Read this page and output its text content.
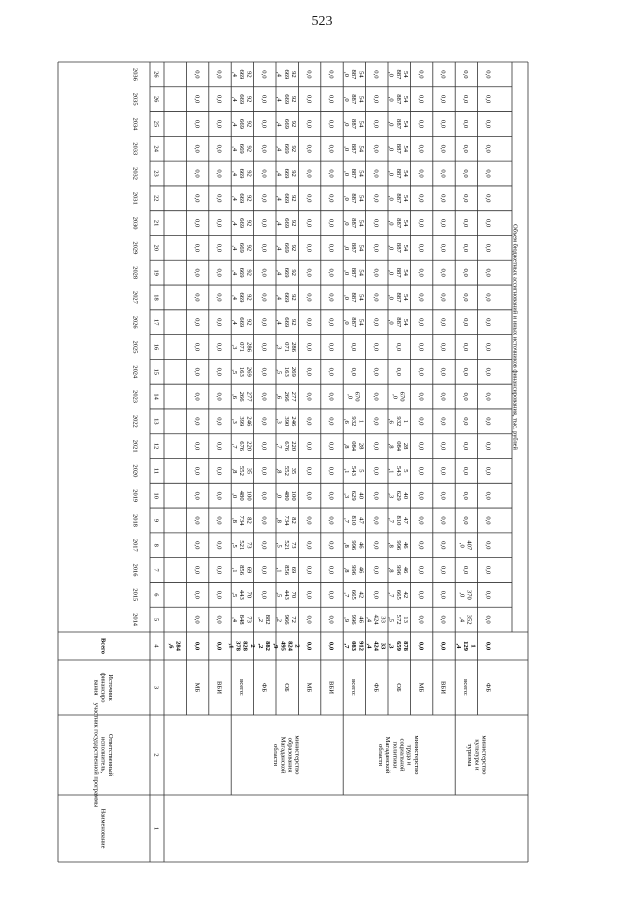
523
Наименование
Ответственный
исполнитель,
участник государственной программы
Источник
финансиро
вания
Всего
Объем бюджетных ассигнований и иных источников финансирования, тыс. рублей
2014
2015
2016
2017
2018
2019
2020
2021
2022
2023
2024
2025
2026
2027
2028
2029
2030
2031
2032
2033
2034
2035
2036
1
2
3
4
5
6
7
8
9
10
11
12
13
14
15
16
17
18
19
20
21
22
23
24
25
26
26
284
,6
МБ
0,0
0,0
0,0
0,0
0,0
0,0
0,0
0,0
0,0
0,0
0,0
0,0
0,0
0,0
0,0
0,0
0,0
0,0
0,0
0,0
0,0
0,0
0,0
0,0
ВБИ
0,0
0,0
0,0
0,0
0,0
0,0
0,0
0,0
0,0
0,0
0,0
0,0
0,0
0,0
0,0
0,0
0,0
0,0
0,0
0,0
0,0
0,0
0,0
0,0
министерство
образования
Магаданской
области
всего:
2
828
378
,1
73
848
,4
70
443
,5
69
856
,1
73
521
,5
82
734
,8
100
480
,0
35
552
,8
220
676
,7
246
399
,3
277
266
,6
269
163
,5
286
071
,3
92
669
,4
92
669
,4
92
669
,4
92
669
,4
92
669
,4
92
669
,4
92
669
,4
92
669
,4
92
669
,4
92
669
,4
92
669
,4
ФБ
882
,2
882
,2
0,0
0,0
0,0
0,0
0,0
0,0
0,0
0,0
0,0
0,0
0,0
0,0
0,0
0,0
0,0
0,0
0,0
0,0
0,0
0,0
0,0
0,0
ОБ
2
824
495
,9
72
966
,2
70
443
,5
69
856
,1
73
521
,5
82
734
,8
100
480
,0
35
552
,8
220
676
,7
246
390
,3
277
266
,6
269
163
,5
286
071
,3
92
669
,4
92
669
,4
92
669
,4
92
669
,4
92
669
,4
92
669
,4
92
669
,4
92
669
,4
92
669
,4
92
669
,4
92
669
,4
МБ
0,0
0,0
0,0
0,0
0,0
0,0
0,0
0,0
0,0
0,0
0,0
0,0
0,0
0,0
0,0
0,0
0,0
0,0
0,0
0,0
0,0
0,0
0,0
0,0
ВБИ
0,0
0,0
0,0
0,0
0,0
0,0
0,0
0,0
0,0
0,0
0,0
0,0
0,0
0,0
0,0
0,0
0,0
0,0
0,0
0,0
0,0
0,0
0,0
0,0
министерство
труда и
социальной
политики
Магаданской
области
всего:
912
083
,7
46
996
,9
42
665
,7
46
996
,8
46
996
,8
47
810
,7
40
629
,3
5
543
,1
28
084
,8
1
932
,6
670
,0
0,0
0,0
54
887
,0
54
887
,0
54
887
,0
54
887
,0
54
887
,0
54
887
,0
54
887
,0
54
887
,0
54
887
,0
54
887
,0
54
887
,0
ФБ
33
424
,4
33
424
,4
0,0
0,0
0,0
0,0
0,0
0,0
0,0
0,0
0,0
0,0
0,0
0,0
0,0
0,0
0,0
0,0
0,0
0,0
0,0
0,0
0,0
0,0
ОБ
878
659
,3
13
572
,5
42
665
,7
46
996
,8
46
996
,8
47
810
,7
40
629
,3
5
543
,1
28
084
,8
1
932
,6
670
,0
0,0
0,0
54
887
,0
54
887
,0
54
887
,0
54
887
,0
54
887
,0
54
887
,0
54
887
,0
54
887
,0
54
887
,0
54
887
,0
54
887
,0
МБ
0,0
0,0
0,0
0,0
0,0
0,0
0,0
0,0
0,0
0,0
0,0
0,0
0,0
0,0
0,0
0,0
0,0
0,0
0,0
0,0
0,0
0,0
0,0
0,0
ВБИ
0,0
0,0
0,0
0,0
0,0
0,0
0,0
0,0
0,0
0,0
0,0
0,0
0,0
0,0
0,0
0,0
0,0
0,0
0,0
0,0
0,0
0,0
0,0
0,0
министерство
культуры и
туризма
всего:
1
129
,4
352
,4
370
,0
0,0
407
,0
0,0
0,0
0,0
0,0
0,0
0,0
0,0
0,0
0,0
0,0
0,0
0,0
0,0
0,0
0,0
0,0
0,0
0,0
0,0
ФБ
0,0
0,0
0,0
0,0
0,0
0,0
0,0
0,0
0,0
0,0
0,0
0,0
0,0
0,0
0,0
0,0
0,0
0,0
0,0
0,0
0,0
0,0
0,0
0,0
